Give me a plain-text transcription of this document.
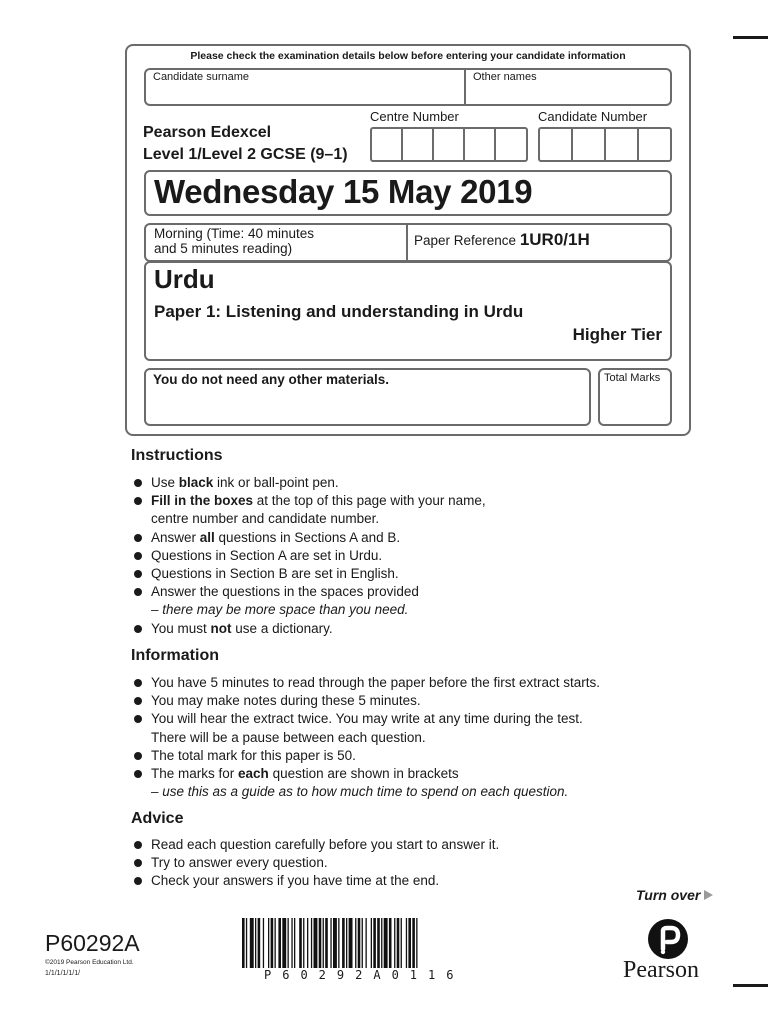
Please check the examination details below before entering your candidate information
Candidate surname	Other names
Pearson Edexcel
Level 1/Level 2 GCSE (9–1)
Centre Number	Candidate Number
Wednesday 15 May 2019
Morning (Time: 40 minutes
and 5 minutes reading)	Paper Reference 1UR0/1H
Urdu
Paper 1: Listening and understanding in Urdu
Higher Tier
You do not need any other materials.	Total Marks
Instructions
Use black ink or ball-point pen.
Fill in the boxes at the top of this page with your name,
centre number and candidate number.
Answer all questions in Sections A and B.
Questions in Section A are set in Urdu.
Questions in Section B are set in English.
Answer the questions in the spaces provided
– there may be more space than you need.
You must not use a dictionary.
Information
You have 5 minutes to read through the paper before the first extract starts.
You may make notes during these 5 minutes.
You will hear the extract twice. You may write at any time during the test.
There will be a pause between each question.
The total mark for this paper is 50.
The marks for each question are shown in brackets
– use this as a guide as to how much time to spend on each question.
Advice
Read each question carefully before you start to answer it.
Try to answer every question.
Check your answers if you have time at the end.
Turn over
P60292A
©2019 Pearson Education Ltd.
1/1/1/1/1/1/	P60292A0116	Pearson
